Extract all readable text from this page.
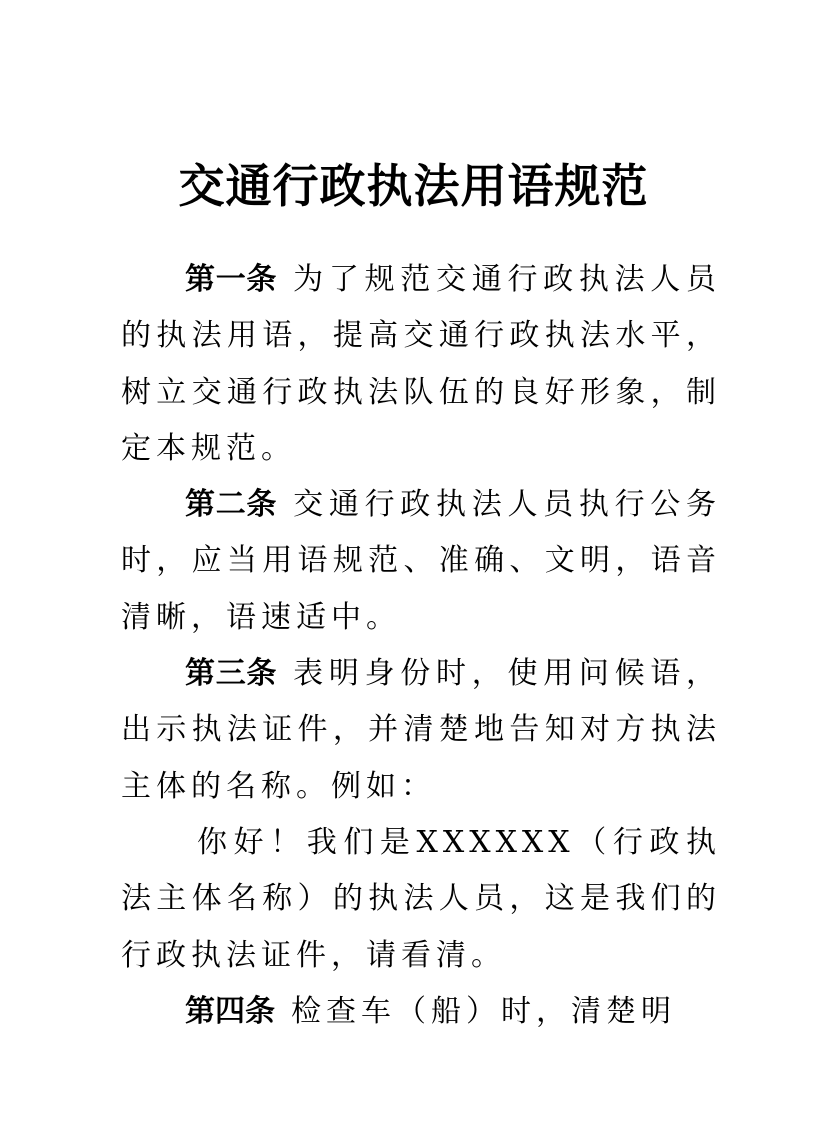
交通行政执法用语规范

第一条 为了规范交通行政执法人员的执法用语，提高交通行政执法水平，树立交通行政执法队伍的良好形象，制定本规范。

第二条 交通行政执法人员执行公务时，应当用语规范、准确、文明，语音清晰，语速适中。

第三条 表明身份时，使用问候语，出示执法证件，并清楚地告知对方执法主体的名称。例如：

你好！我们是XXXXXX（行政执法主体名称）的执法人员，这是我们的行政执法证件，请看清。

第四条 检查车（船）时，清楚明
